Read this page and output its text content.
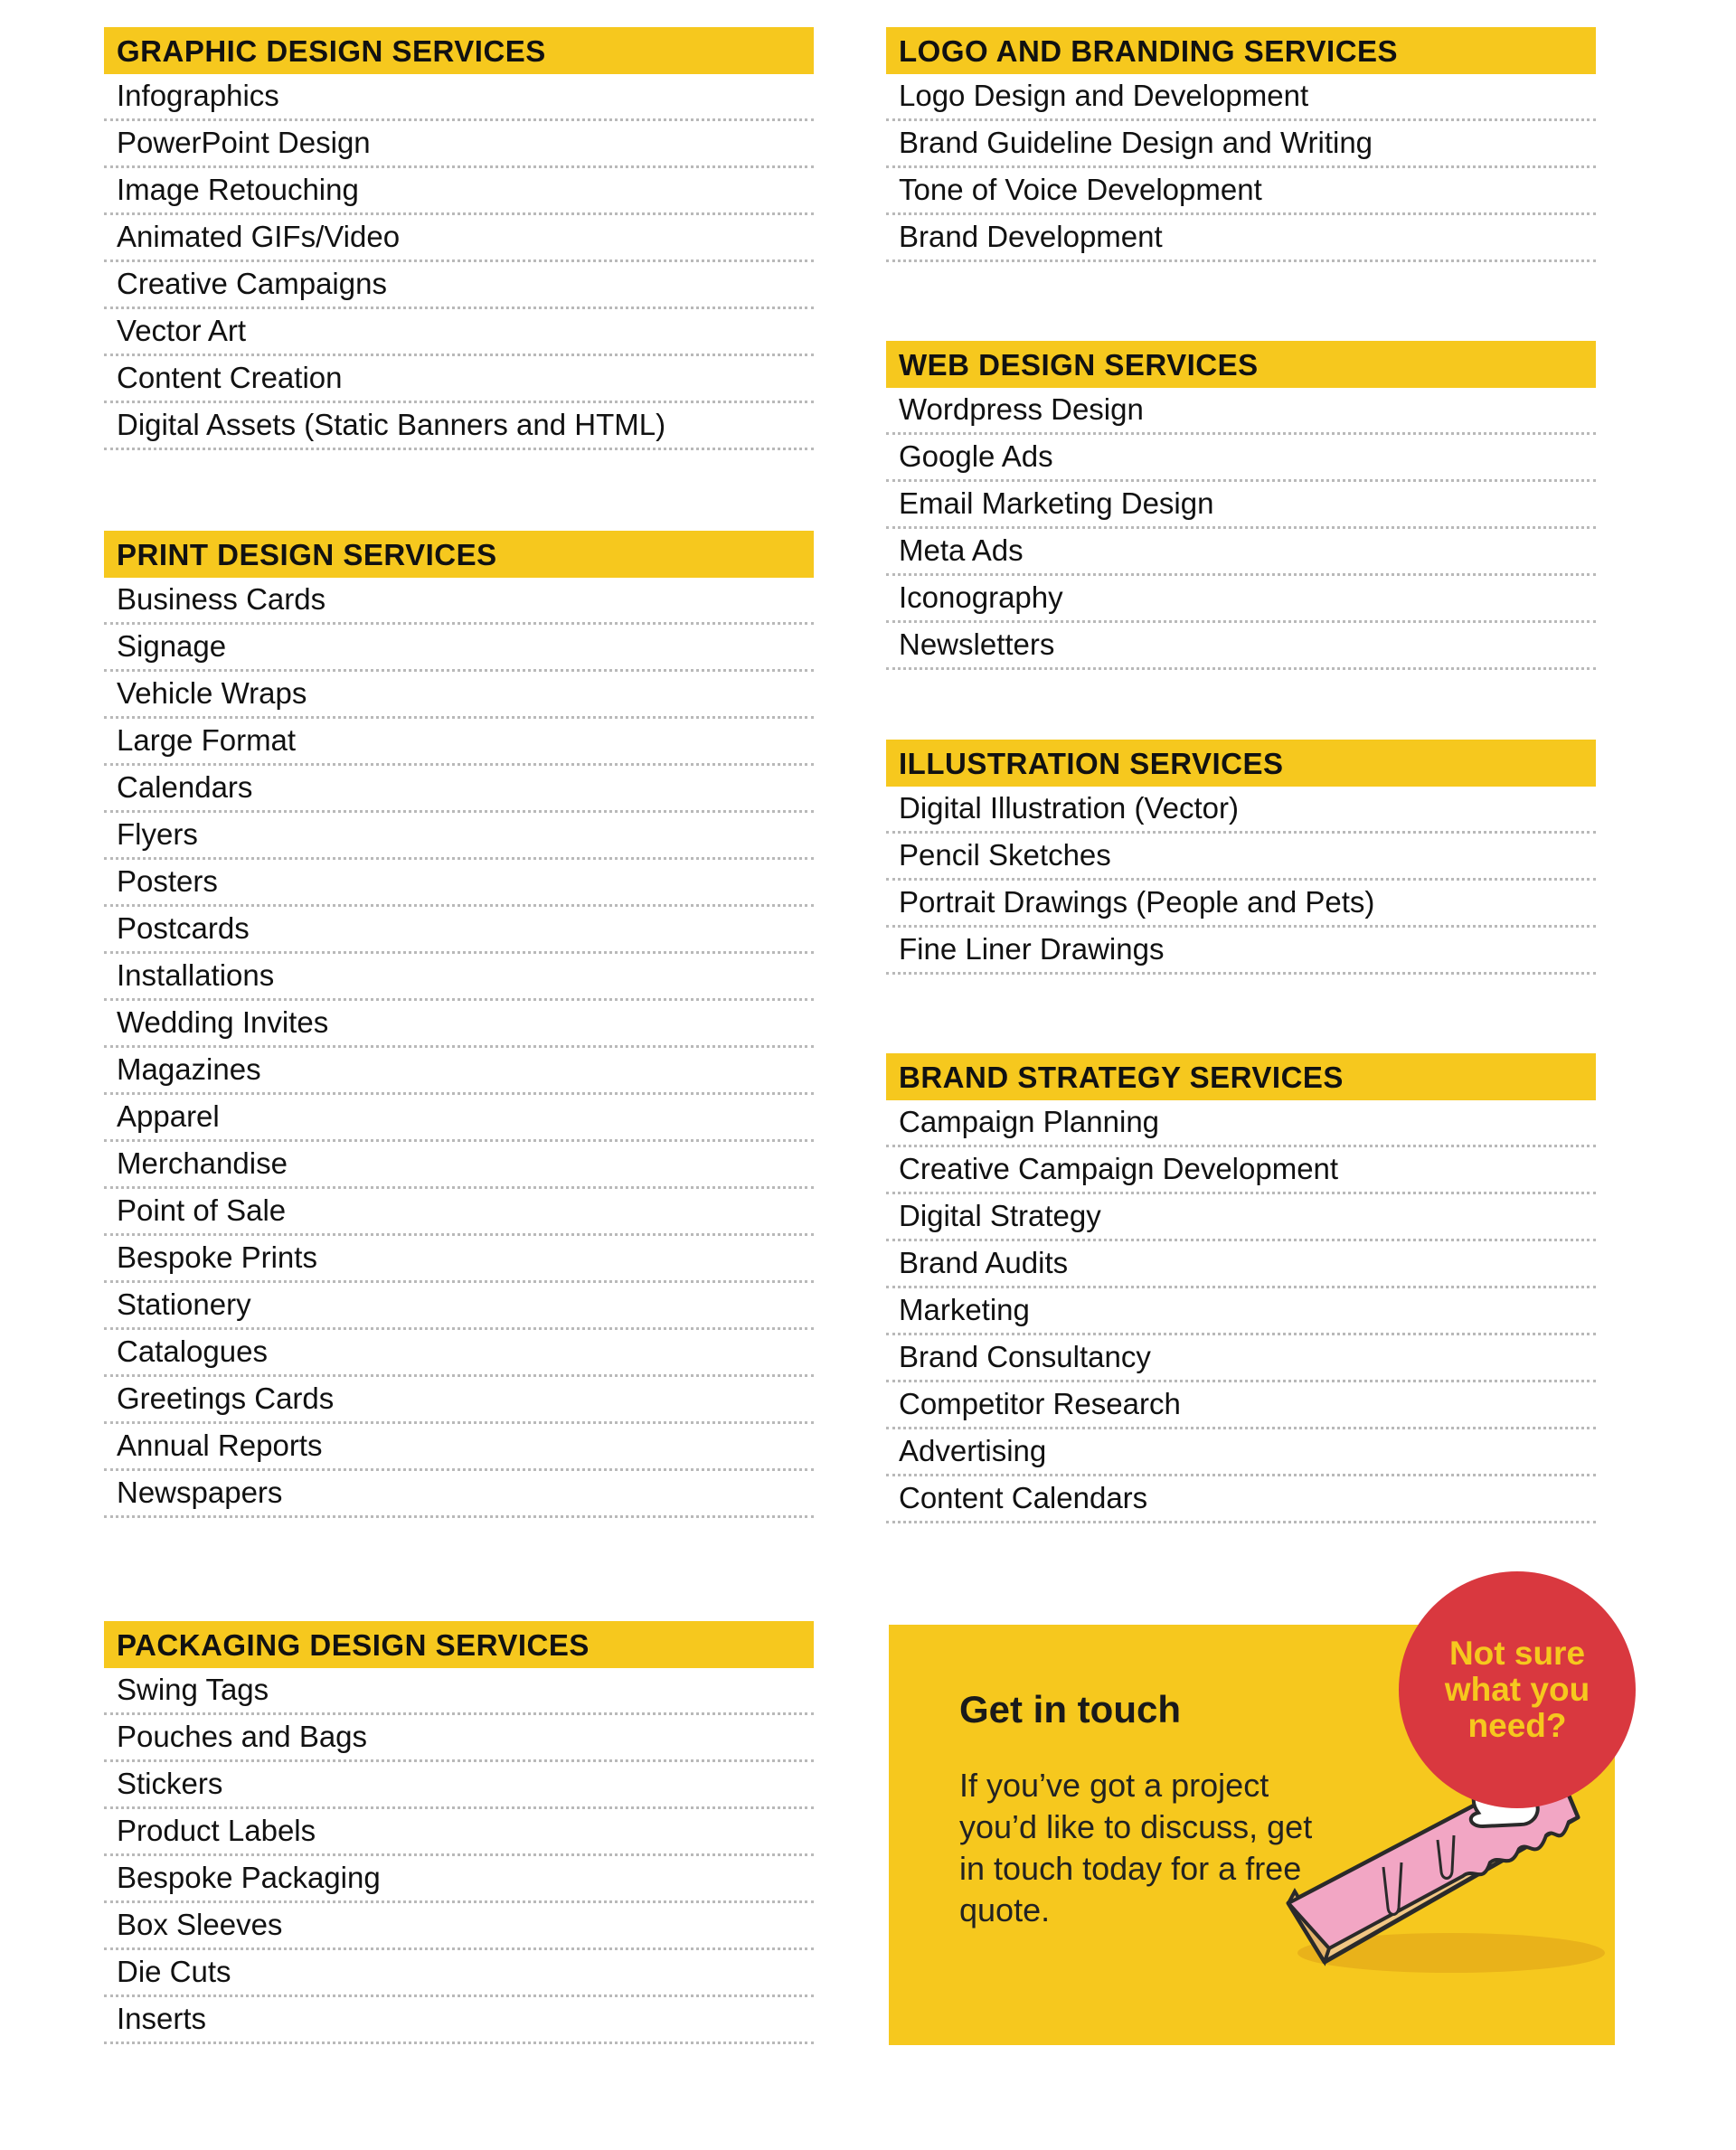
GRAPHIC DESIGN SERVICES
Infographics
PowerPoint Design
Image Retouching
Animated GIFs/Video
Creative Campaigns
Vector Art
Content Creation
Digital Assets (Static Banners and HTML)
PRINT DESIGN SERVICES
Business Cards
Signage
Vehicle Wraps
Large Format
Calendars
Flyers
Posters
Postcards
Installations
Wedding Invites
Magazines
Apparel
Merchandise
Point of Sale
Bespoke Prints
Stationery
Catalogues
Greetings Cards
Annual Reports
Newspapers
PACKAGING DESIGN SERVICES
Swing Tags
Pouches and Bags
Stickers
Product Labels
Bespoke Packaging
Box Sleeves
Die Cuts
Inserts
LOGO AND BRANDING SERVICES
Logo Design and Development
Brand Guideline Design and Writing
Tone of Voice Development
Brand Development
WEB DESIGN SERVICES
Wordpress Design
Google Ads
Email Marketing Design
Meta Ads
Iconography
Newsletters
ILLUSTRATION SERVICES
Digital Illustration (Vector)
Pencil Sketches
Portrait Drawings (People and Pets)
Fine Liner Drawings
BRAND STRATEGY SERVICES
Campaign Planning
Creative Campaign Development
Digital Strategy
Brand Audits
Marketing
Brand Consultancy
Competitor Research
Advertising
Content Calendars
Get in touch
If you’ve got a project you’d like to discuss, get in touch today for a free quote.
Not sure what you need?
